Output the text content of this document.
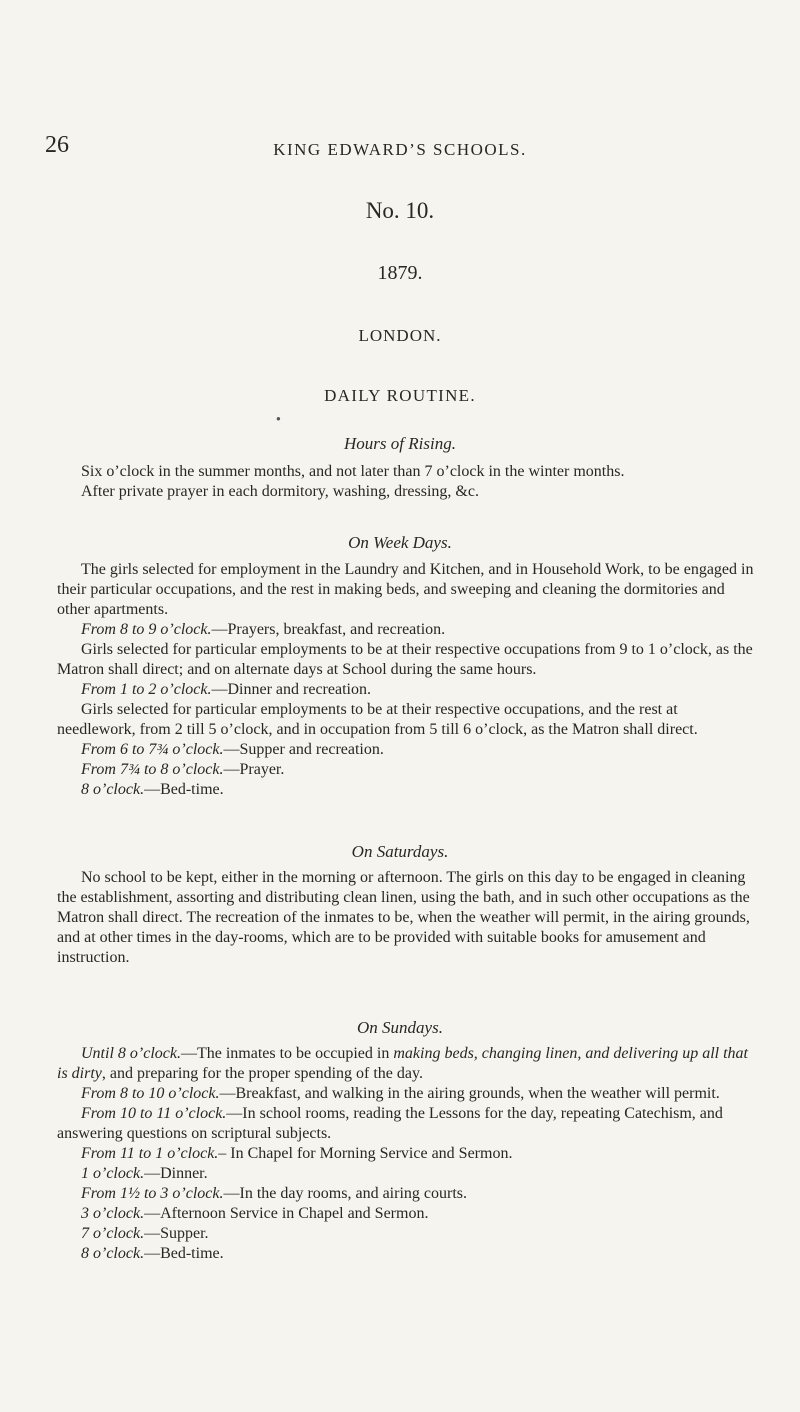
26	KING EDWARD’S SCHOOLS.
No. 10.
1879.
LONDON.
DAILY ROUTINE.
●
Hours of Rising.

Six o’clock in the summer months, and not later than 7 o’clock in the winter months.

After private prayer in each dormitory, washing, dressing, &c.

On Week Days.

The girls selected for employment in the Laundry and Kitchen, and in Household Work, to be engaged in their particular occupations, and the rest in making beds, and sweeping and cleaning the dormitories and other apartments.

From 8 to 9 o’clock.—Prayers, breakfast, and recreation.

Girls selected for particular employments to be at their respective occupations from 9 to 1 o’clock, as the Matron shall direct; and on alternate days at School during the same hours.

From 1 to 2 o’clock.—Dinner and recreation.

Girls selected for particular employments to be at their respective occupations, and the rest at needlework, from 2 till 5 o’clock, and in occupation from 5 till 6 o’clock, as the Matron shall direct.

From 6 to 7¾ o’clock.—Supper and recreation.

From 7¾ to 8 o’clock.—Prayer.

8 o’clock.—Bed-time.

On Saturdays.

No school to be kept, either in the morning or afternoon. The girls on this day to be engaged in cleaning the establishment, assorting and distributing clean linen, using the bath, and in such other occupations as the Matron shall direct. The recreation of the inmates to be, when the weather will permit, in the airing grounds, and at other times in the day-rooms, which are to be provided with suitable books for amusement and instruction.

On Sundays.

Until 8 o’clock.—The inmates to be occupied in making beds, changing linen, and delivering up all that is dirty, and preparing for the proper spending of the day.

From 8 to 10 o’clock.—Breakfast, and walking in the airing grounds, when the weather will permit.

From 10 to 11 o’clock.—In school rooms, reading the Lessons for the day, repeating Catechism, and answering questions on scriptural subjects.

From 11 to 1 o’clock.– In Chapel for Morning Service and Sermon.

1 o’clock.—Dinner.

From 1½ to 3 o’clock.—In the day rooms, and airing courts.

3 o’clock.—Afternoon Service in Chapel and Sermon.

7 o’clock.—Supper.

8 o’clock.—Bed-time.
